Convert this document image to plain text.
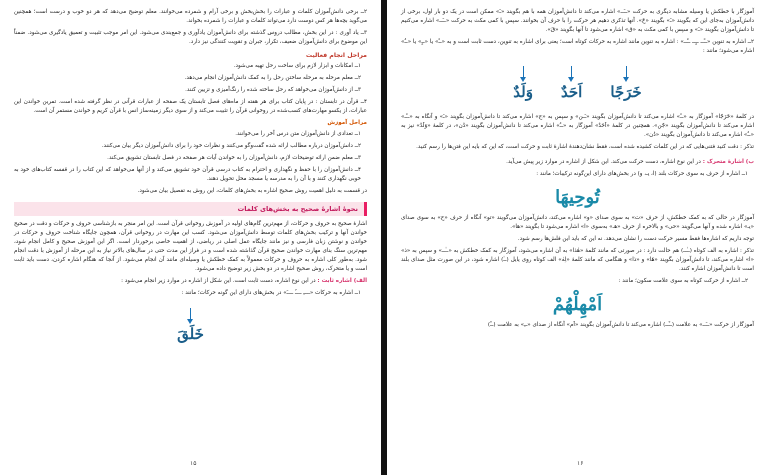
۲ــ برخی دانش‌آموزان کلمات و عبارات را بخش‌بخش و برخی آرام و شمرده می‌خوانند. معلم توضیح می‌دهد که هر دو خوب و درست است؛ همچنین می‌گوید بچه‌ها هر کس دوست دارد می‌تواند کلمات و عبارات را شمرده بخواند.

۳ــ یاد آوری : در این بخش، مطالب دروس گذشته برای دانش‌آموزان یادآوری و جمع‌بندی می‌شود. این امر موجب تثبیت و تعمیق یادگیری می‌شود. ضمناً این موضوع برای دانش‌آموزان ضعیف، تکرار، جبران و تقویت کنندگی نیز دارد.

مراحل انجام فعالیت

۱ــ امکانات و ابزار لازم برای ساخت رحل تهیه می‌شود.

۲ــ معلم مرحله به مرحله ساختن رحل را به کمک دانش‌آموزان انجام می‌دهد.

۳ــ از دانش‌آموزان می‌خواهد که رحل ساخته شده را رنگ‌آمیزی و تزیین کنند.

۴ــ قرآن در تابستان : در پایان کتاب برای هر هفته از ماه‌های فصل تابستان یک صفحه از عبارات قرآنی در نظر گرفته شده است. تمرین خواندن این عبارات، از یکسو مهارت‌های کسب‌شده در روخوانی قرآن را تثبیت می‌کند و از سوی دیگر زمینه‌ساز انس با قرآن کریم و خواندن مستمر آن است.

مراحل آموزش

۱ــ تعدادی از دانش‌آموزان متن درس آخر را می‌خوانند.

۲ــ دانش‌آموزان درباره مطالب ارائه شده گفت‌وگو می‌کنند و نظرات خود را برای دانش‌آموزان دیگر بیان می‌کنند.

۳ــ معلم ضمن ارائه توضیحات لازم، دانش‌آموزان را به خواندن آیات هر صفحه در فصل تابستان تشویق می‌کند.

۴ــ دانش‌آموزان را با حفظ و نگهداری و احترام به کتاب درسی قرآن خود تشویق می‌کند و از آنها می‌خواهد که این کتاب را در قفسه کتاب‌های خود به خوبی نگهداری کنند و با آن را به مدرسه یا مسجد محل تحویل دهند.

در قسمت به دلیل اهمیت روش صحیح اشاره به بخش‌های کلمات، این روش به تفصیل بیان می‌شود.

نحوهٔ اشارهٔ صحیح به بخش‌های کلمات

اشارهٔ صحیح به حروف و حرکات، از مهم‌ترین گام‌های اولیه در آموزش روخوانی قرآن است. این امر منجر به بازشناسی حروف و حرکات و دقت در صحیح خواندن آنها و ترکیب بخش‌های کلمات توسط دانش‌آموزان می‌شود. کسب این مهارت در روخوانی قرآن، همچون جایگاه شناخت حروف و حرکات در خواندن و نوشتن زبان فارسی و نیز مانند جایگاه عمل اصلی در ریاضی، از اهمیت خاصی برخوردار است. اگر این آموزش صحیح و کامل انجام شود، مهم‌ترین سنگ بنای مهارت خواندن صحیح قرآن گذاشته شده است و در فراز این مدت حتی در سال‌های بالاتر نیاز به این مرحله از آموزش با دقت انجام شود. به‌طور کلی اشاره به حروف و حرکات معمولاً به کمک خطکش یا وسیله‌ای مانند آن انجام می‌شود. از آنجا که هنگام اشاره کردن، دست باید ثابت است و یا متحرک، روش صحیح اشاره در دو بخش زیر توضیح داده می‌شود.

الف) اشاره ثابت : در این نوع اشاره، دست ثابت است. این شکل از اشاره در موارد زیر انجام می‌شود :

۱ــ اشاره به حرکات «ــــِ ــــُ ــــَ» در بخش‌های دارای این گونه حرکات؛ مانند :

خَلَقَ
۱۵

آموزگار با خطکش یا وسیله مشابه دیگری به حرکت «ــَــ» اشاره می‌کند تا دانش‌آموزان همه با هم بگویند «ـَ» ممکن است در یک دو بار اول، برخی از دانش‌آموزان به‌جای این که بگویند «ـَ» بگویند «خَ». آنها تذکری دهیم هر حرکت را با حرف آن بخوانند. سپس با کمی مکث به حرکت «ــَــ» اشاره می‌کنیم تا دانش‌آموزان بگویند «ـَ» و سپس با کمی مکث به «ق» اشاره می‌شود تا آنها بگویند «قَ».

۲ــ اشاره به تنوین «ــًــ ــٍــ ــٌــ» : اشاره به تنوین مانند اشاره به حرکات کوتاه است؛ یعنی برای اشاره به تنوین، دست ثابت است و به «ــً» یا «ــٍ» یا «ــٌ» اشاره می‌شود؛ مانند :

خَرَجًا
اَحَدٌ
وَلَدٌ

در کلمهٔ «خَرَجًا» آموزگار به «ــً» اشاره می‌کند تا دانش‌آموزان بگویند «ـَـن» و سپس به «ج» اشاره می‌کند تا دانش‌آموزان بگویند «ـَ» و آنگاه به «ــًـ» اشاره می‌کند تا دانش‌آموزان بگویند «جًن». همچنین در کلمهٔ «اَحَدٌ» آموزگار به «ــٌ» اشاره می‌کند تا دانش‌آموزان بگویند «دُن»، در کلمهٔ «وَلَدٌ» نیز به «ــٌ» اشاره می‌کند تا دانش‌آموزان بگویند «دُن».

تذکر : دقت کنید فتنی‌هایی که در این کلمات کشیده شده است، فقط نشان‌دهندهٔ اشارهٔ ثابت و حرکت است، که این که بایه این فتن‌ها را رسم کنید.

ب) اشارهٔ متحرک : در این نوع اشاره، دست حرکت می‌کند. این شکل از اشاره در موارد زیر پیش می‌آید.

۱ــ اشاره از حرف به سوی حرکات بلند (ا، یـ، و) در بخش‌های دارای این‌گونه ترکیبات؛ مانند :

تُوحِيهَا

آموزگار در حالی که به کمک خطکش، از حرف «ت» به سوی صدای «و» اشاره می‌کند، دانش‌آموزان می‌گویند «تو» آنگاه از حرف «ح» به سوی صدای «یـ» اشاره شده و آنها می‌گویند «حی» و بالاخره از حرف «هـ» به‌سوی «ا» اشاره می‌شود تا بگویند «ها».

توجه داریم که اشاره‌ها فقط مسیر حرکت دست را نشان می‌دهد. نه این که باید این فلش‌ها رسم شود.

تذکر : اشاره به الف کوتاه (ــٰــ) هم حالت دارد : در صورتی که مانند کلمهٔ «هٰذا» به آن اشاره می‌شود، آموزگار به کمک خطکش به «ــٰــ» و سپس به «ذ» «ا» اشاره می‌کند، تا دانش‌آموزان بگویند «هَا» و «ذا» و هنگامی که مانند کلمهٔ «لِهٰ» الف کوتاه روی یایل (ــٰ) اشاره شود، در این صورت مثل صدای بلند است تا دانش‌آموزان اشاره کنند.

۲ــ اشاره از حرکت کوتاه به سوی علامت سکون؛ مانند :

اَمْهِلْهُمْ

آموزگار از حرکت «ــَــ» به علامت (ــْــ) اشاره می‌کند تا دانش‌آموزان بگویند «اَم» آنگاه از صدای «ــِ» به علامت (ــْ)

۱۶
